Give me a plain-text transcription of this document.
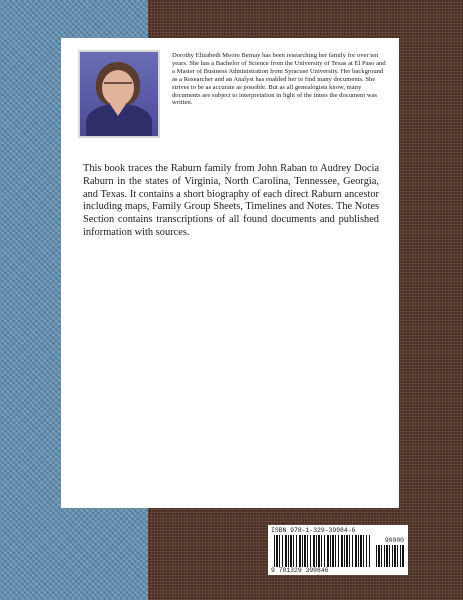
Dorothy Elizabeth Moore Bernay has been researching her family for over ten years. She has a Bachelor of Science from the University of Texas at El Paso and a Master of Business Administration from Syracuse University. Her background as a Researcher and an Analyst has enabled her to find many documents. She strives to be as accurate as possible. But as all genealogists know, many documents are subject to interpretation in light of the times the document was written.

This book traces the Raburn family from John Raban to Audrey Docia Raburn in the states of Virginia, North Carolina, Tennessee, Georgia, and Texas. It contains a short biography of each direct Raburn ancestor including maps, Family Group Sheets, Timelines and Notes. The Notes Section contains transcriptions of all found documents and published information with sources.

ISBN 978-1-329-39984-6
90000
9 781329 399846
